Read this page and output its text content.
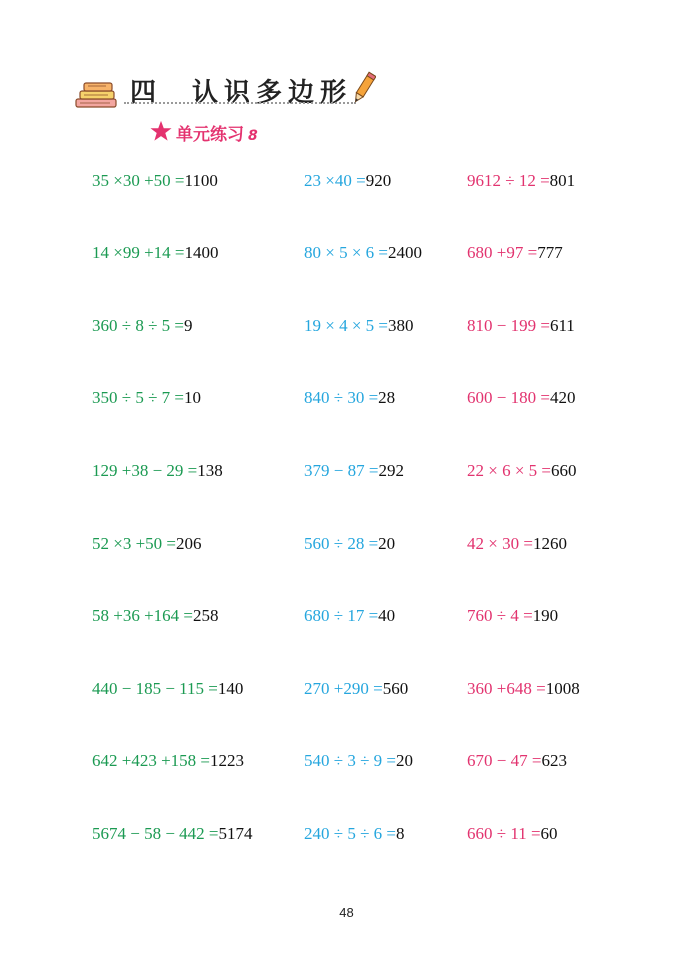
四 认识多边形
单元练习 8
35 ×30 +50 =1100	23 ×40 =920	9612 ÷ 12 =801
14 ×99 +14 =1400	80 × 5 × 6 =2400	680 +97 =777
360 ÷ 8 ÷ 5 =9	19 × 4 × 5 =380	810 − 199 =611
350 ÷ 5 ÷ 7 =10	840 ÷ 30 =28	600 − 180 =420
129 +38 − 29 =138	379 − 87 =292	22 × 6 × 5 =660
52 ×3 +50 =206	560 ÷ 28 =20	42 × 30 =1260
58 +36 +164 =258	680 ÷ 17 =40	760 ÷ 4 =190
440 − 185 − 115 =140	270 +290 =560	360 +648 =1008
642 +423 +158 =1223	540 ÷ 3 ÷ 9 =20	670 − 47 =623
5674 − 58 − 442 =5174	240 ÷ 5 ÷ 6 =8	660 ÷ 11 =60
48
